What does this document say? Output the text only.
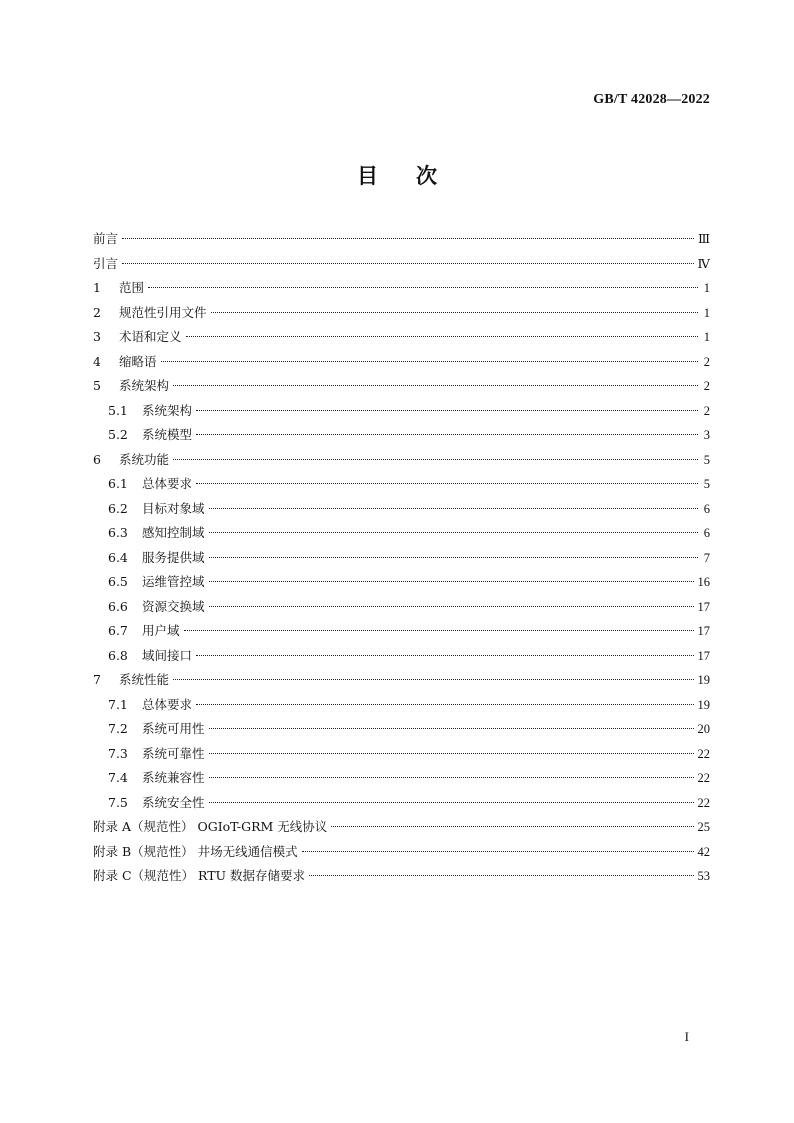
GB/T 42028—2022
目次
前言	Ⅲ
引言	Ⅳ
1	范围	1
2	规范性引用文件	1
3	术语和定义	1
4	缩略语	2
5	系统架构	2
5.1	系统架构	2
5.2	系统模型	3
6	系统功能	5
6.1	总体要求	5
6.2	目标对象域	6
6.3	感知控制域	6
6.4	服务提供域	7
6.5	运维管控域	16
6.6	资源交换域	17
6.7	用户域	17
6.8	域间接口	17
7	系统性能	19
7.1	总体要求	19
7.2	系统可用性	20
7.3	系统可靠性	22
7.4	系统兼容性	22
7.5	系统安全性	22
附录 A（规范性） OGIoT-GRM 无线协议	25
附录 B（规范性） 井场无线通信模式	42
附录 C（规范性） RTU 数据存储要求	53
I
